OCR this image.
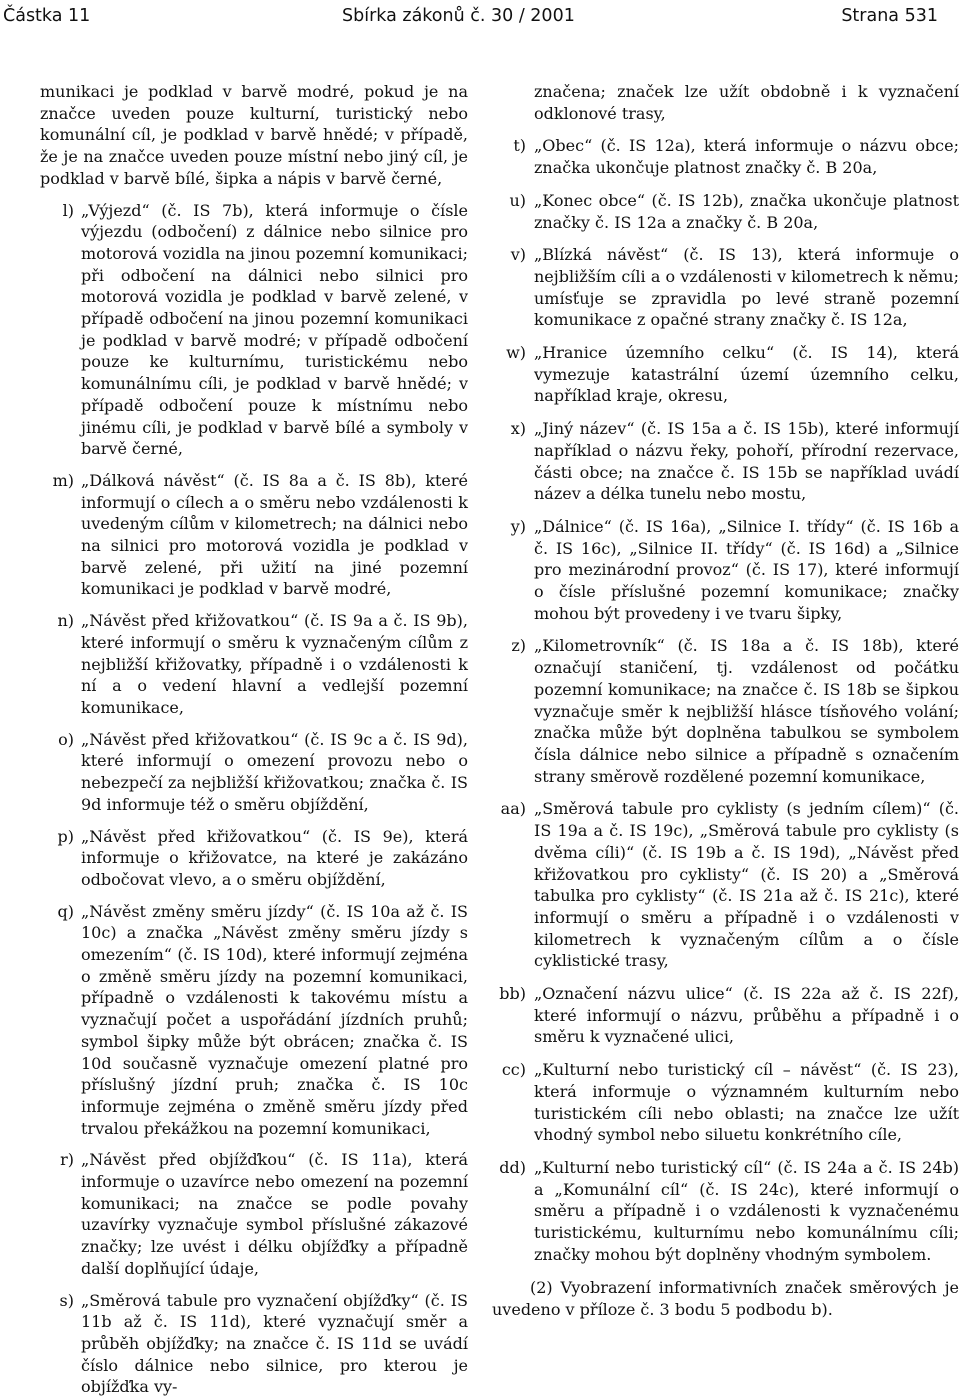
Částka 11	Sbírka zákonů č. 30 / 2001	Strana 531

munikaci je podklad v barvě modré, pokud je na značce uveden pouze kulturní, turistický nebo komunální cíl, je podklad v barvě hnědé; v případě, že je na značce uveden pouze místní nebo jiný cíl, je podklad v barvě bílé, šipka a nápis v barvě černé,

l) „Výjezd“ (č. IS 7b), která informuje o čísle výjezdu (odbočení) z dálnice nebo silnice pro motorová vozidla na jinou pozemní komunikaci; při odbočení na dálnici nebo silnici pro motorová vozidla je podklad v barvě zelené, v případě odbočení na jinou pozemní komunikaci je podklad v barvě modré; v případě odbočení pouze ke kulturnímu, turistickému nebo komunálnímu cíli, je podklad v barvě hnědé; v případě odbočení pouze k místnímu nebo jinému cíli, je podklad v barvě bílé a symboly v barvě černé,
m) „Dálková návěst“ (č. IS 8a a č. IS 8b), které informují o cílech a o směru nebo vzdálenosti k uvedeným cílům v kilometrech; na dálnici nebo na silnici pro motorová vozidla je podklad v barvě zelené, při užití na jiné pozemní komunikaci je podklad v barvě modré,
n) „Návěst před křižovatkou“ (č. IS 9a a č. IS 9b), které informují o směru k vyznačeným cílům z nejbližší křižovatky, případně i o vzdálenosti k ní a o vedení hlavní a vedlejší pozemní komunikace,
o) „Návěst před křižovatkou“ (č. IS 9c a č. IS 9d), které informují o omezení provozu nebo o nebezpečí za nejbližší křižovatkou; značka č. IS 9d informuje též o směru objíždění,
p) „Návěst před křižovatkou“ (č. IS 9e), která informuje o křižovatce, na které je zakázáno odbočovat vlevo, a o směru objíždění,
q) „Návěst změny směru jízdy“ (č. IS 10a až č. IS 10c) a značka „Návěst změny směru jízdy s omezením“ (č. IS 10d), které informují zejména o změně směru jízdy na pozemní komunikaci, případně o vzdálenosti k takovému místu a vyznačují počet a uspořádání jízdních pruhů; symbol šipky může být obrácen; značka č. IS 10d současně vyznačuje omezení platné pro příslušný jízdní pruh; značka č. IS 10c informuje zejména o změně směru jízdy před trvalou překážkou na pozemní komunikaci,
r) „Návěst před objížďkou“ (č. IS 11a), která informuje o uzavírce nebo omezení na pozemní komunikaci; na značce se podle povahy uzavírky vyznačuje symbol příslušné zákazové značky; lze uvést i délku objížďky a případně další doplňující údaje,
s) „Směrová tabule pro vyznačení objížďky“ (č. IS 11b až č. IS 11d), které vyznačují směr a průběh objížďky; na značce č. IS 11d se uvádí číslo dálnice nebo silnice, pro kterou je objížďka vy-

značena; značek lze užít obdobně i k vyznačení odklonové trasy,

t) „Obec“ (č. IS 12a), která informuje o názvu obce; značka ukončuje platnost značky č. B 20a,
u) „Konec obce“ (č. IS 12b), značka ukončuje platnost značky č. IS 12a a značky č. B 20a,
v) „Blízká návěst“ (č. IS 13), která informuje o nejbližším cíli a o vzdálenosti v kilometrech k němu; umísťuje se zpravidla po levé straně pozemní komunikace z opačné strany značky č. IS 12a,
w) „Hranice územního celku“ (č. IS 14), která vymezuje katastrální území územního celku, například kraje, okresu,
x) „Jiný název“ (č. IS 15a a č. IS 15b), které informují například o názvu řeky, pohoří, přírodní rezervace, části obce; na značce č. IS 15b se například uvádí název a délka tunelu nebo mostu,
y) „Dálnice“ (č. IS 16a), „Silnice I. třídy“ (č. IS 16b a č. IS 16c), „Silnice II. třídy“ (č. IS 16d) a „Silnice pro mezinárodní provoz“ (č. IS 17), které informují o čísle příslušné pozemní komunikace; značky mohou být provedeny i ve tvaru šipky,
z) „Kilometrovník“ (č. IS 18a a č. IS 18b), které označují staničení, tj. vzdálenost od počátku pozemní komunikace; na značce č. IS 18b se šipkou vyznačuje směr k nejbližší hlásce tísňového volání; značka může být doplněna tabulkou se symbolem čísla dálnice nebo silnice a případně s označením strany směrově rozdělené pozemní komunikace,
aa) „Směrová tabule pro cyklisty (s jedním cílem)“ (č. IS 19a a č. IS 19c), „Směrová tabule pro cyklisty (s dvěma cíli)“ (č. IS 19b a č. IS 19d), „Návěst před křižovatkou pro cyklisty“ (č. IS 20) a „Směrová tabulka pro cyklisty“ (č. IS 21a až č. IS 21c), které informují o směru a případně i o vzdálenosti v kilometrech k vyznačeným cílům a o čísle cyklistické trasy,
bb) „Označení názvu ulice“ (č. IS 22a až č. IS 22f), které informují o názvu, průběhu a případně i o směru k vyznačené ulici,
cc) „Kulturní nebo turistický cíl – návěst“ (č. IS 23), která informuje o významném kulturním nebo turistickém cíli nebo oblasti; na značce lze užít vhodný symbol nebo siluetu konkrétního cíle,
dd) „Kulturní nebo turistický cíl“ (č. IS 24a a č. IS 24b) a „Komunální cíl“ (č. IS 24c), které informují o směru a případně i o vzdálenosti k vyznačenému turistickému, kulturnímu nebo komunálnímu cíli; značky mohou být doplněny vhodným symbolem.

(2) Vyobrazení informativních značek směrových je uvedeno v příloze č. 3 bodu 5 podbodu b).
